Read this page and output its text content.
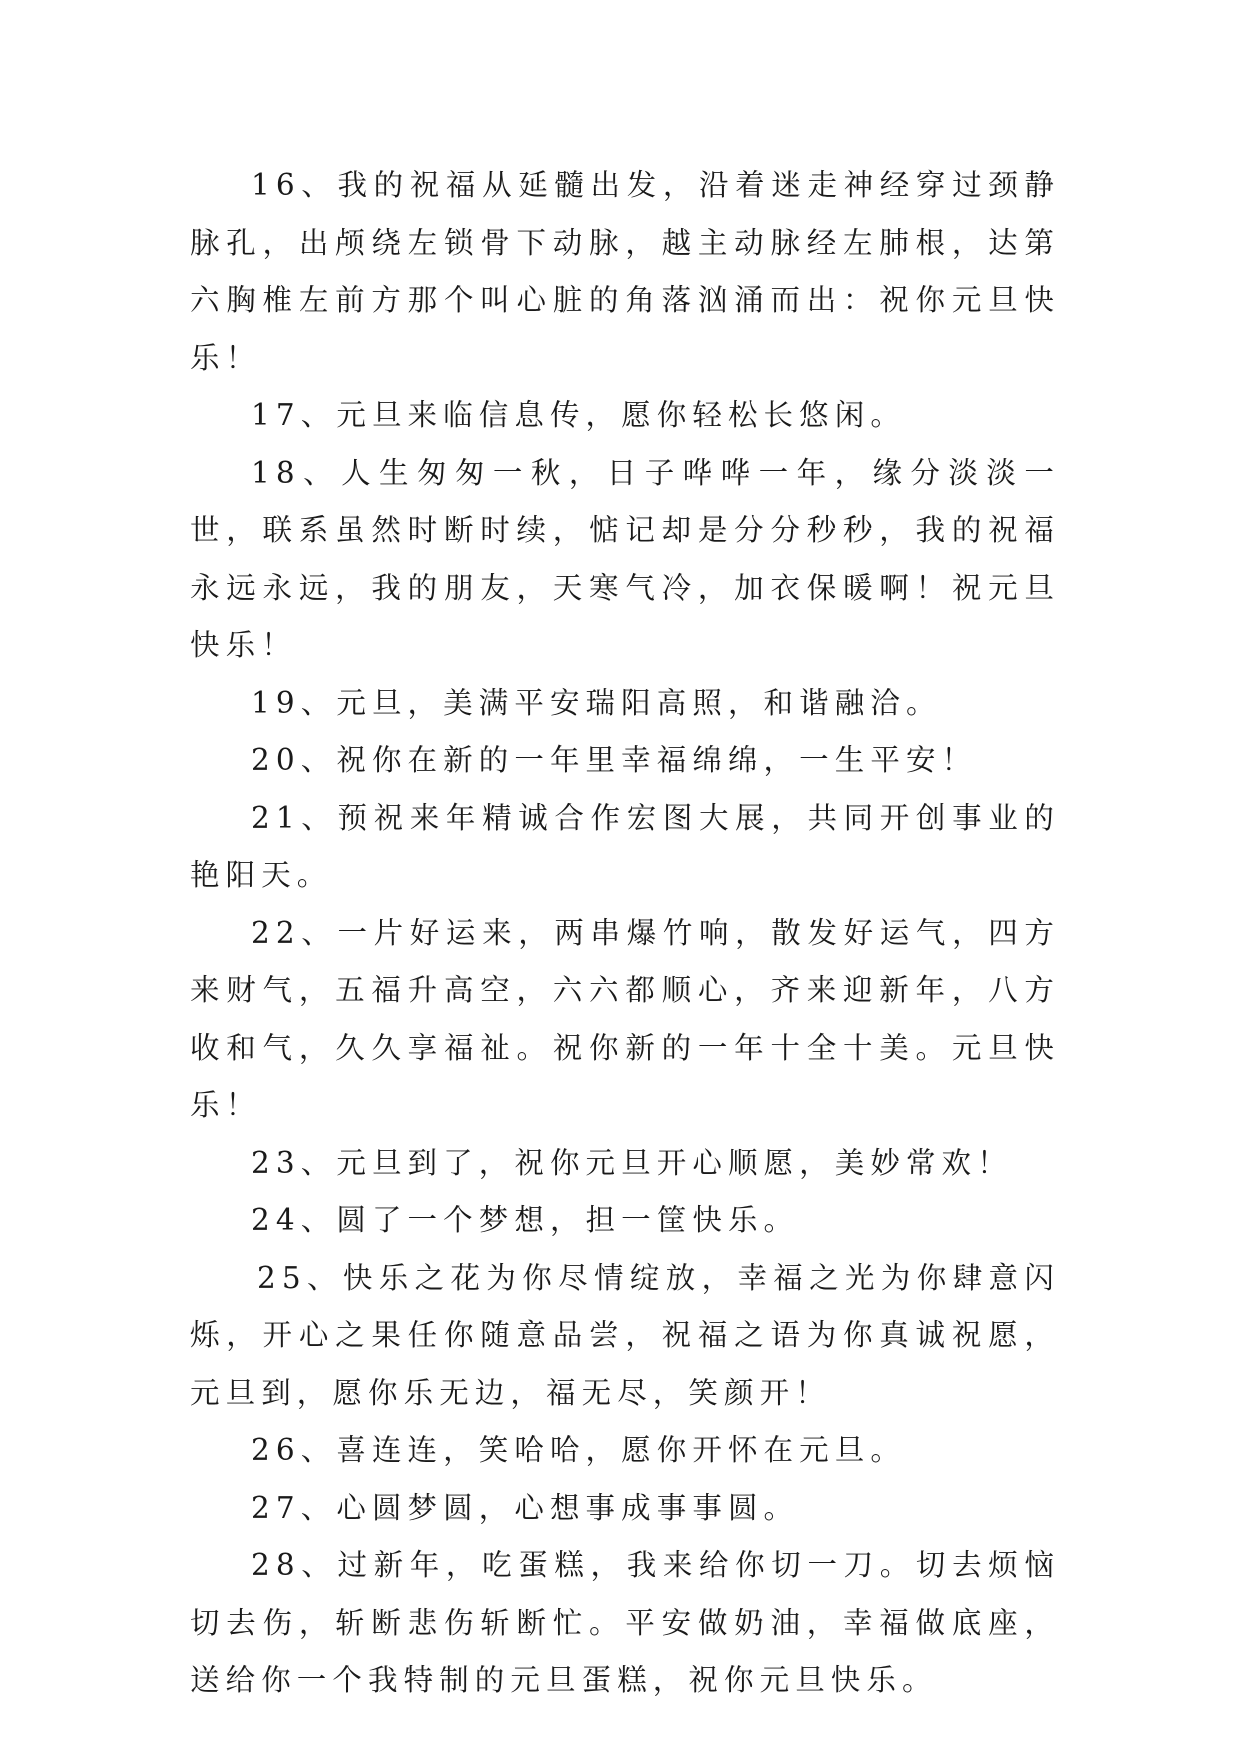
16、我的祝福从延髓出发，沿着迷走神经穿过颈静脉孔，出颅绕左锁骨下动脉，越主动脉经左肺根，达第六胸椎左前方那个叫心脏的角落汹涌而出：祝你元旦快乐！

17、元旦来临信息传，愿你轻松长悠闲。

18、人生匆匆一秋，日子哗哗一年，缘分淡淡一世，联系虽然时断时续，惦记却是分分秒秒，我的祝福永远永远，我的朋友，天寒气冷，加衣保暖啊！祝元旦快乐！

19、元旦，美满平安瑞阳高照，和谐融洽。

20、祝你在新的一年里幸福绵绵，一生平安！

21、预祝来年精诚合作宏图大展，共同开创事业的艳阳天。

22、一片好运来，两串爆竹响，散发好运气，四方来财气，五福升高空，六六都顺心，齐来迎新年，八方收和气，久久享福祉。祝你新的一年十全十美。元旦快乐！

23、元旦到了，祝你元旦开心顺愿，美妙常欢！

24、圆了一个梦想，担一筐快乐。

25、快乐之花为你尽情绽放，幸福之光为你肆意闪烁，开心之果任你随意品尝，祝福之语为你真诚祝愿，元旦到，愿你乐无边，福无尽，笑颜开！

26、喜连连，笑哈哈，愿你开怀在元旦。

27、心圆梦圆，心想事成事事圆。

28、过新年，吃蛋糕，我来给你切一刀。切去烦恼切去伤，斩断悲伤斩断忙。平安做奶油，幸福做底座，送给你一个我特制的元旦蛋糕，祝你元旦快乐。
